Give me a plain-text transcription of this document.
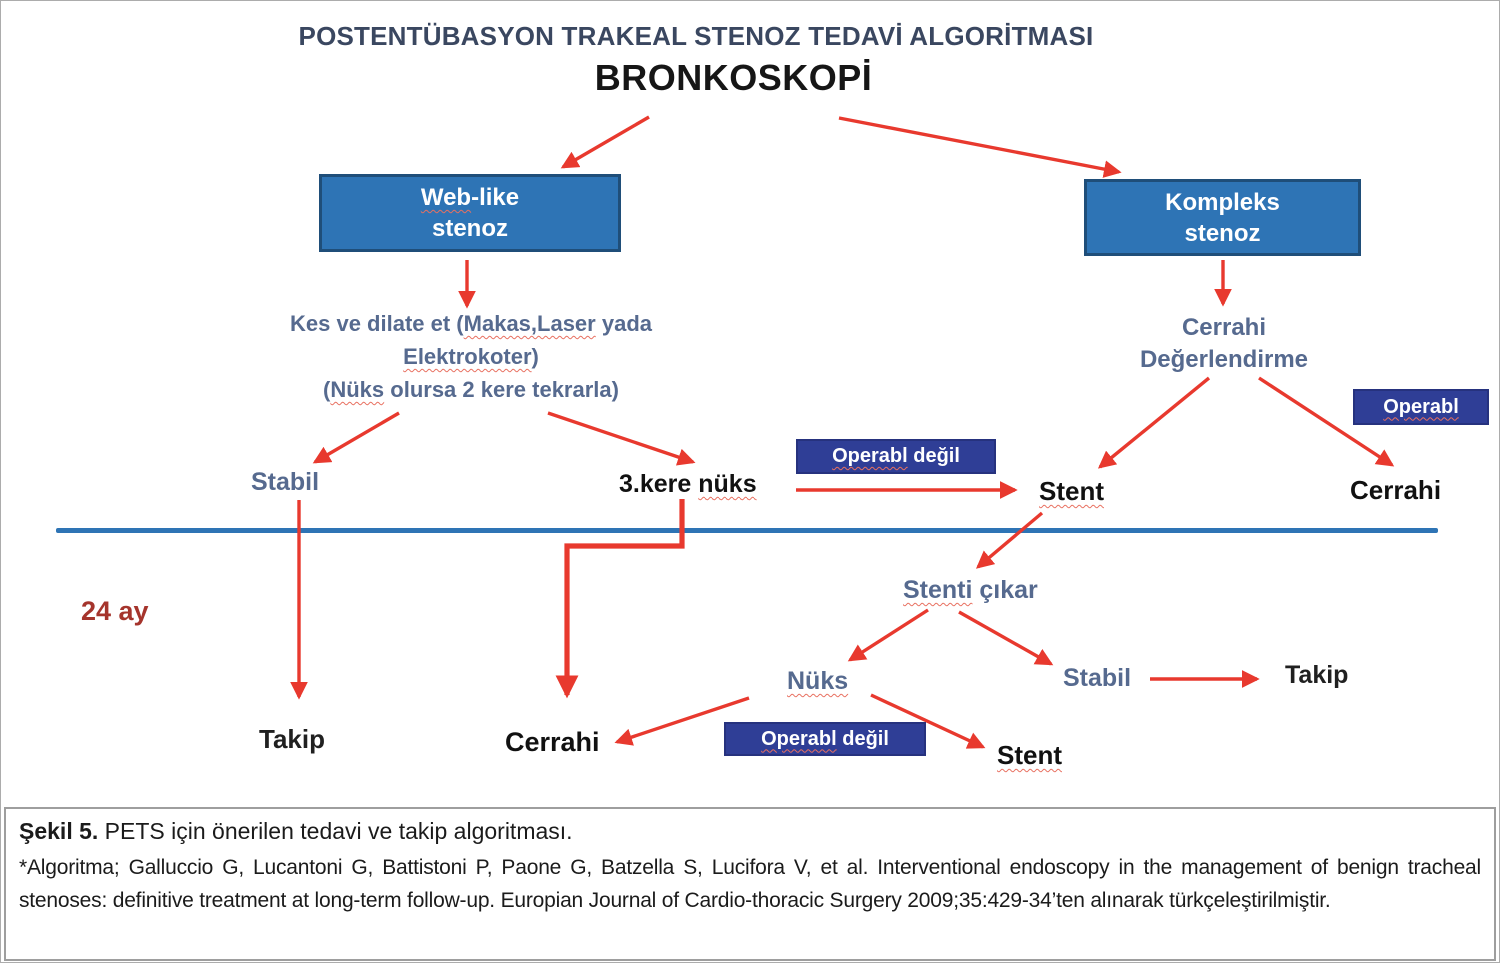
POSTENTÜBASYON TRAKEAL STENOZ TEDAVİ ALGORİTMASI
BRONKOSKOPİ
Web-like
stenoz
Kompleks
stenoz
Kes ve dilate et (Makas,Laser yada
Elektrokoter)
(Nüks olursa 2 kere tekrarla)
Stabil	3.kere nüks
Operabl değil
Stent
Cerrahi
Değerlendirme
Operabl
Cerrahi
24 ay
Takip	Cerrahi
Stenti çıkar
Nüks	Stabil	Takip
Operabl değil
Stent

Şekil 5. PETS için önerilen tedavi ve takip algoritması.

*Algoritma; Galluccio G, Lucantoni G, Battistoni P, Paone G, Batzella S, Lucifora V, et al. Interventional endoscopy in the management of benign tracheal stenoses: definitive treatment at long-term follow-up. Europian Journal of Cardio-thoracic Surgery 2009;35:429-34’ten alınarak türkçeleştirilmiştir.
